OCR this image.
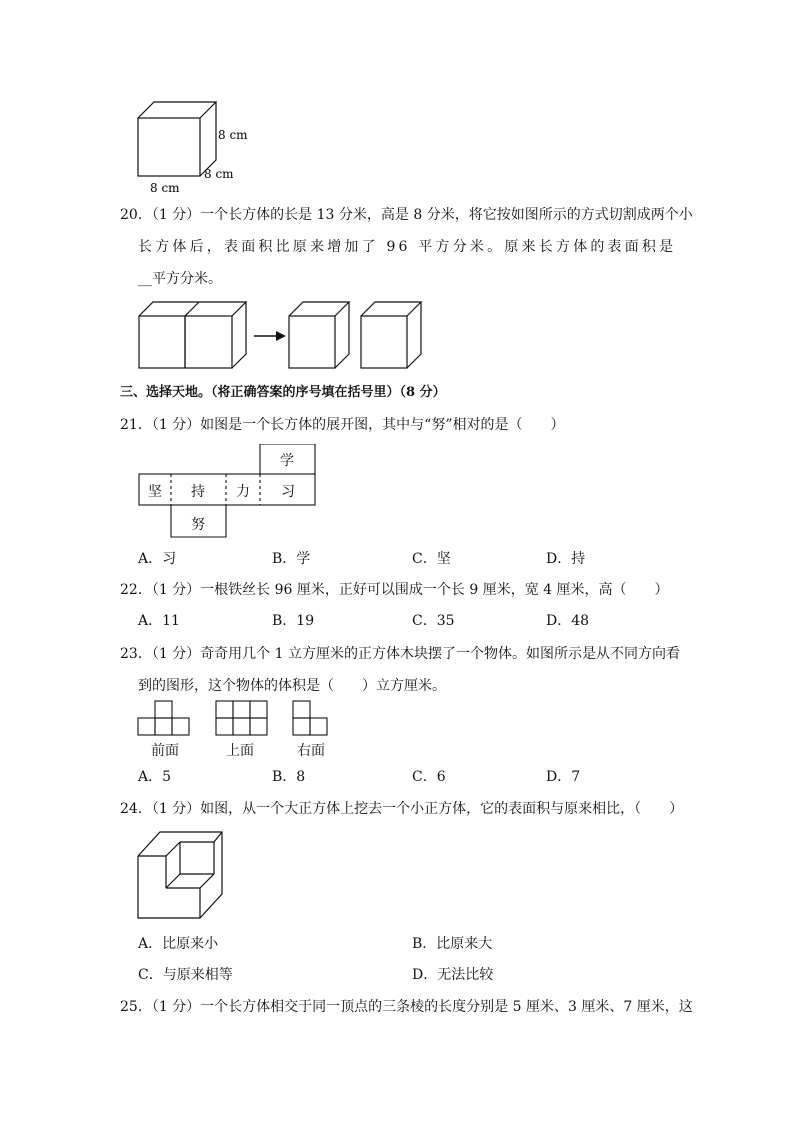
8 cm
8 cm
8 cm
20．（1 分）一个长方体的长是 13 分米，高是 8 分米，将它按如图所示的方式切割成两个小
长方体后，表面积比原来增加了 96 平方分米。原来长方体的表面积是
__平方分米。
三、选择天地。（将正确答案的序号填在括号里）（8 分）
21．（1 分）如图是一个长方体的展开图，其中与“努”相对的是（　　）
学
坚 持 力 习
努
A．习	B．学	C．坚	D．持
22．（1 分）一根铁丝长 96 厘米，正好可以围成一个长 9 厘米，宽 4 厘米，高（　　）
A．11	B．19	C．35	D．48
23．（1 分）奇奇用几个 1 立方厘米的正方体木块摆了一个物体。如图所示是从不同方向看
到的图形，这个物体的体积是（　　）立方厘米。
前面	上面	右面
A．5	B．8	C．6	D．7
24．（1 分）如图，从一个大正方体上挖去一个小正方体，它的表面积与原来相比，（　　）
A．比原来小	B．比原来大
C．与原来相等	D．无法比较
25．（1 分）一个长方体相交于同一顶点的三条棱的长度分别是 5 厘米、3 厘米、7 厘米，这
